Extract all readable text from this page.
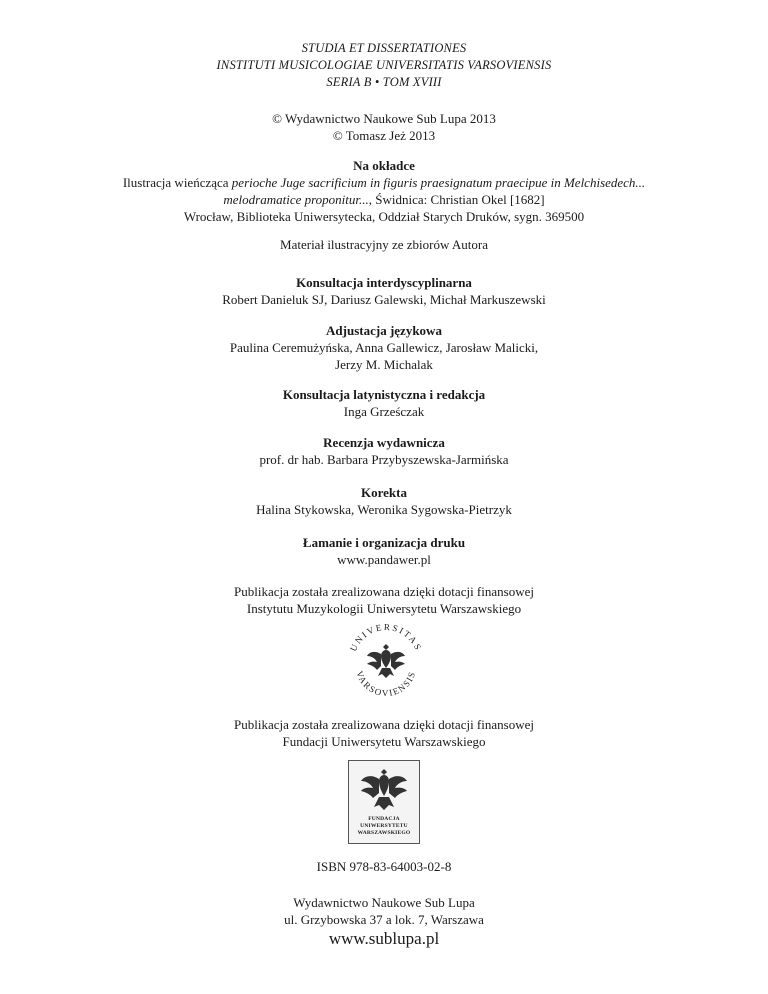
STUDIA ET DISSERTATIONES
INSTITUTI MUSICOLOGIAE UNIVERSITATIS VARSOVIENSIS
SERIA B • TOM XVIII
© Wydawnictwo Naukowe Sub Lupa 2013
© Tomasz Jeż 2013
Na okładce
Ilustracja wieńcząca perioche Juge sacrificium in figuris praesignatum praecipue in Melchisedech...
melodramatice proponitur..., Świdnica: Christian Okel [1682]
Wrocław, Biblioteka Uniwersytecka, Oddział Starych Druków, sygn. 369500
Materiał ilustracyjny ze zbiorów Autora
Konsultacja interdyscyplinarna
Robert Danieluk SJ, Dariusz Galewski, Michał Markuszewski
Adjustacja językowa
Paulina Ceremużyńska, Anna Gallewicz, Jarosław Malicki,
Jerzy M. Michalak
Konsultacja latynistyczna i redakcja
Inga Grześczak
Recenzja wydawnicza
prof. dr hab. Barbara Przybyszewska-Jarmińska
Korekta
Halina Stykowska, Weronika Sygowska-Pietrzyk
Łamanie i organizacja druku
www.pandawer.pl
Publikacja została zrealizowana dzięki dotacji finansowej
Instytutu Muzykologii Uniwersytetu Warszawskiego
UNIVERSITAS
VARSOVIENSIS
Publikacja została zrealizowana dzięki dotacji finansowej
Fundacji Uniwersytetu Warszawskiego
FUNDACJA
UNIWERSYTETU
WARSZAWSKIEGO
ISBN 978-83-64003-02-8
Wydawnictwo Naukowe Sub Lupa
ul. Grzybowska 37 a lok. 7, Warszawa
www.sublupa.pl
